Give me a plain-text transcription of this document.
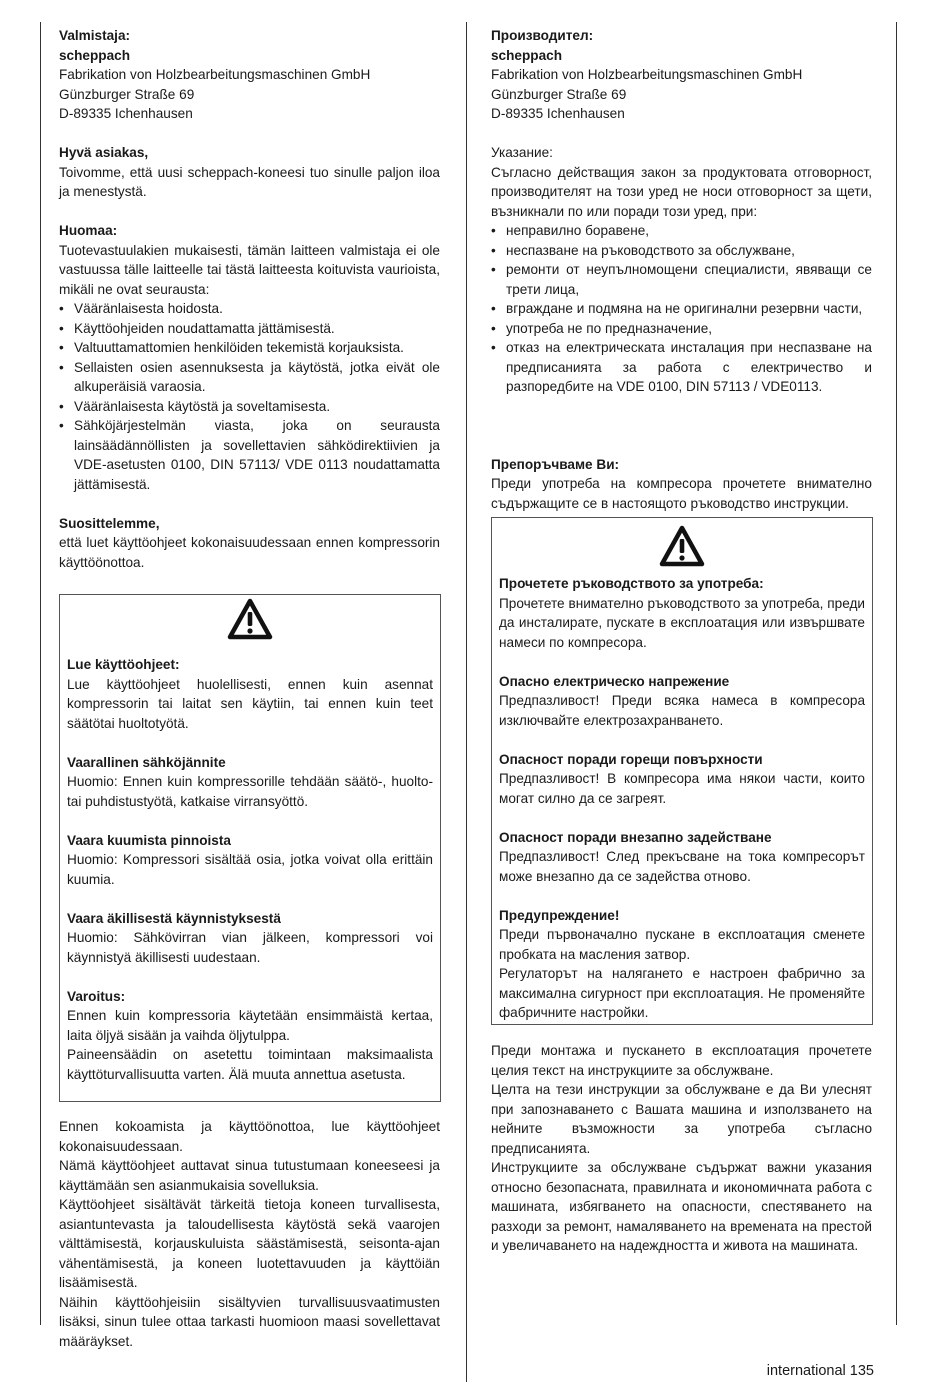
Valmistaja:
scheppach
Fabrikation von Holzbearbeitungsmaschinen GmbH
Günzburger Straße 69
D-89335 Ichenhausen
Hyvä asiakas,
Toivomme, että uusi scheppach-koneesi tuo sinulle paljon iloa ja menestystä.
Huomaa:
Tuotevastuulakien mukaisesti, tämän laitteen valmistaja ei ole vastuussa tälle laitteelle tai tästä laitteesta koituvista vaurioista, mikäli ne ovat seurausta:
• Vääränlaisesta hoidosta.
• Käyttöohjeiden noudattamatta jättämisestä.
• Valtuuttamattomien henkilöiden tekemistä korjauksista.
• Sellaisten osien asennuksesta ja käytöstä, jotka eivät ole alkuperäisiä varaosia.
• Vääränlaisesta käytöstä ja soveltamisesta.
• Sähköjärjestelmän viasta, joka on seurausta lainsäädännöllisten ja sovellettavien sähködirektiivien ja VDE-asetusten 0100, DIN 57113/ VDE 0113 noudattamatta jättämisestä.
Suosittelemme,
että luet käyttöohjeet kokonaisuudessaan ennen kompressorin käyttöönottoa.
Lue käyttöohjeet:
Lue käyttöohjeet huolellisesti, ennen kuin asennat kompressorin tai laitat sen käytiin, tai ennen kuin teet säätötai huoltotyötä.
Vaarallinen sähköjännite
Huomio: Ennen kuin kompressorille tehdään säätö-, huolto- tai puhdistustyötä, katkaise virransyöttö.
Vaara kuumista pinnoista
Huomio: Kompressori sisältää osia, jotka voivat olla erittäin kuumia.
Vaara äkillisestä käynnistyksestä
Huomio: Sähkövirran vian jälkeen, kompressori voi käynnistyä äkillisesti uudestaan.
Varoitus:
Ennen kuin kompressoria käytetään ensimmäistä kertaa, laita öljyä sisään ja vaihda öljytulppa.
Paineensäädin on asetettu toimintaan maksimaalista käyttöturvallisuutta varten. Älä muuta annettua asetusta.
Ennen kokoamista ja käyttöönottoa, lue käyttöohjeet kokonaisuudessaan.
Nämä käyttöohjeet auttavat sinua tutustumaan koneeseesi ja käyttämään sen asianmukaisia sovelluksia.
Käyttöohjeet sisältävät tärkeitä tietoja koneen turvallisesta, asiantuntevasta ja taloudellisesta käytöstä sekä vaarojen välttämisestä, korjauskuluista säästämisestä, seisonta-ajan vähentämisestä, ja koneen luotettavuuden ja käyttöiän lisäämisestä.
Näihin käyttöohjeisiin sisältyvien turvallisuusvaatimusten lisäksi, sinun tulee ottaa tarkasti huomioon maasi sovellettavat määräykset.
Производител:
scheppach
Fabrikation von Holzbearbeitungsmaschinen GmbH
Günzburger Straße 69
D-89335 Ichenhausen
Указание:
Съгласно действащия закон за продуктовата отговорност, производителят на този уред не носи отговорност за щети, възникнали по или поради този уред, при:
• неправилно боравене,
• неспазване на ръководството за обслужване,
• ремонти от неупълномощени специалисти, явяващи се трети лица,
• вграждане и подмяна на не оригинални резервни части,
• употреба не по предназначение,
• отказ на електрическата инсталация при неспазване на предписанията за работа с електричество и разпоредбите на VDE 0100, DIN 57113 / VDE0113.
Препоръчваме Ви:
Преди употреба на компресора прочетете внимателно съдържащите се в настоящото ръководство инструкции.
Прочетете ръководството за употреба:
Прочетете внимателно ръководството за употреба, преди да инсталирате, пускате в експлоатация или извършвате намеси по компресора.
Опасно електрическо напрежение
Предпазливост! Преди всяка намеса в компресора изключвайте електрозахранването.
Опасност поради горещи повърхности
Предпазливост! В компресора има някои части, които могат силно да се загреят.
Опасност поради внезапно задействане
Предпазливост! След прекъсване на тока компресорът може внезапно да се задейства отново.
Предупреждение!
Преди първоначално пускане в експлоатация сменете пробката на масления затвор.
Регулаторът на налягането е настроен фабрично за максимална сигурност при експлоатация. Не променяйте фабричните настройки.
Преди монтажа и пускането в експлоатация прочетете целия текст на инструкциите за обслужване.
Целта на тези инструкции за обслужване е да Ви улеснят при запознаването с Вашата машина и използването на нейните възможности за употреба съгласно предписанията.
Инструкциите за обслужване съдържат важни указания относно безопасната, правилната и икономичната работа с машината, избягването на опасности, спестяването на разходи за ремонт, намаляването на времената на престой и увеличаването на надеждността и живота на машината.
international 135
